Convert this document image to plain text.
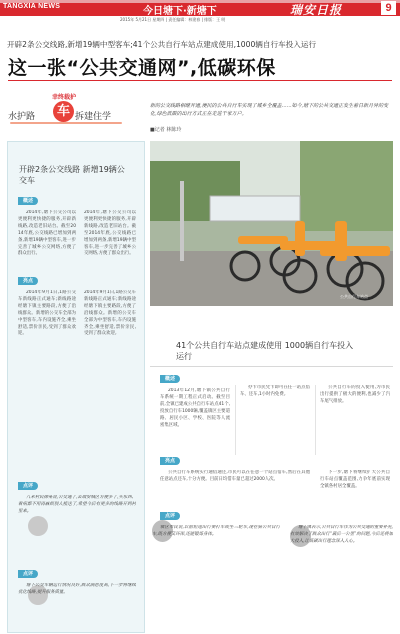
TANGXIA NEWS	今日塘下·新塘下	瑞安日报	9
2015年 5月21日 星期四 | 责任编辑：林建春 | 排版：王 明
开辟2条公交线路,新增19辆中型客车;41个公共自行车站点建成使用,1000辆自行车投入运行
这一张“公共交通网”,低碳环保
幸终载护
水护路	车 拆建住学
新的公交线路相继开通,便民的公共自行车实现了城乡全覆盖……如今,塘下的公共交通正发生着日新月异的变化,绿色低碳的出行方式正在走进千家万户。
■记者 林陈玲
开辟2条公交线路 新增19辆公交车
概述

2014年,塘下公交公司以更便利更快捷的服务,开辟新线路,改造老旧站台。截至2014年底,公交线路已增加到两条,新增19辆中型客车,进一步完善了城乡公交网络,方便了群众出行。

2014年,塘下公交公司以更便利更快捷的服务,开辟新线路,改造老旧站台。截至2014年底,公交线路已增加到两条,新增19辆中型客车,进一步完善了城乡公交网络,方便了群众出行。

亮点

2014年9月1日,1路公交车新线路正式通车;新线路途经塘下镇主要路段,方便了沿线群众。新增的公交车全部为中型客车,车内设施齐全,乘坐舒适,票价亲民,受到了群众欢迎。

2014年9月1日,1路公交车新线路正式通车;新线路途经塘下镇主要路段,方便了沿线群众。新增的公交车全部为中型客车,车内设施齐全,乘坐舒适,票价亲民,受到了群众欢迎。

点评

八米村民徐某说,公交通了,去瑞安城区方便多了,买东西、看病都不用再麻烦别人接送了,希望今后有更多的线路开到村里来。

点评

塘下公交车辆运行情况良好,群众满意度高,下一步将继续优化线路,提升服务质量。

公共自行车站点
41个公共自行车站点建成使用 1000辆自行车投入运行
概述

2013年12月,塘下镇公共自行车系统一期工程正式启动。截至目前,全镇已建成公共自行车站点41个,投放自行车1000辆,覆盖镇区主要道路、居民小区、学校、医院等人流密集区域。

办卡市民凭卡即可在任一站点借车、还车,1小时内免费。

公共自行车的投入使用,为市民出行提供了极大的便利,也减少了汽车尾气排放。

亮点

公共自行车系统实行通借通还,市民可以在任意一个站点借车,然后在其他任意站点还车,十分方便。目前日均借车量已超过2000人次。

下一步,塘下将继续扩大公共自行车站点覆盖范围,力争年底前实现全镇各村居全覆盖。

点评

镇区市民说,以前短途出行要打车或坐三轮车,现在骑公共自行车,既方便又环保,还能锻炼身体。

塘下镇表示,公共自行车作为公共交通的重要补充,有效解决了群众出行“最后一公里”的问题,今后还将加大投入,让低碳出行理念深入人心。
